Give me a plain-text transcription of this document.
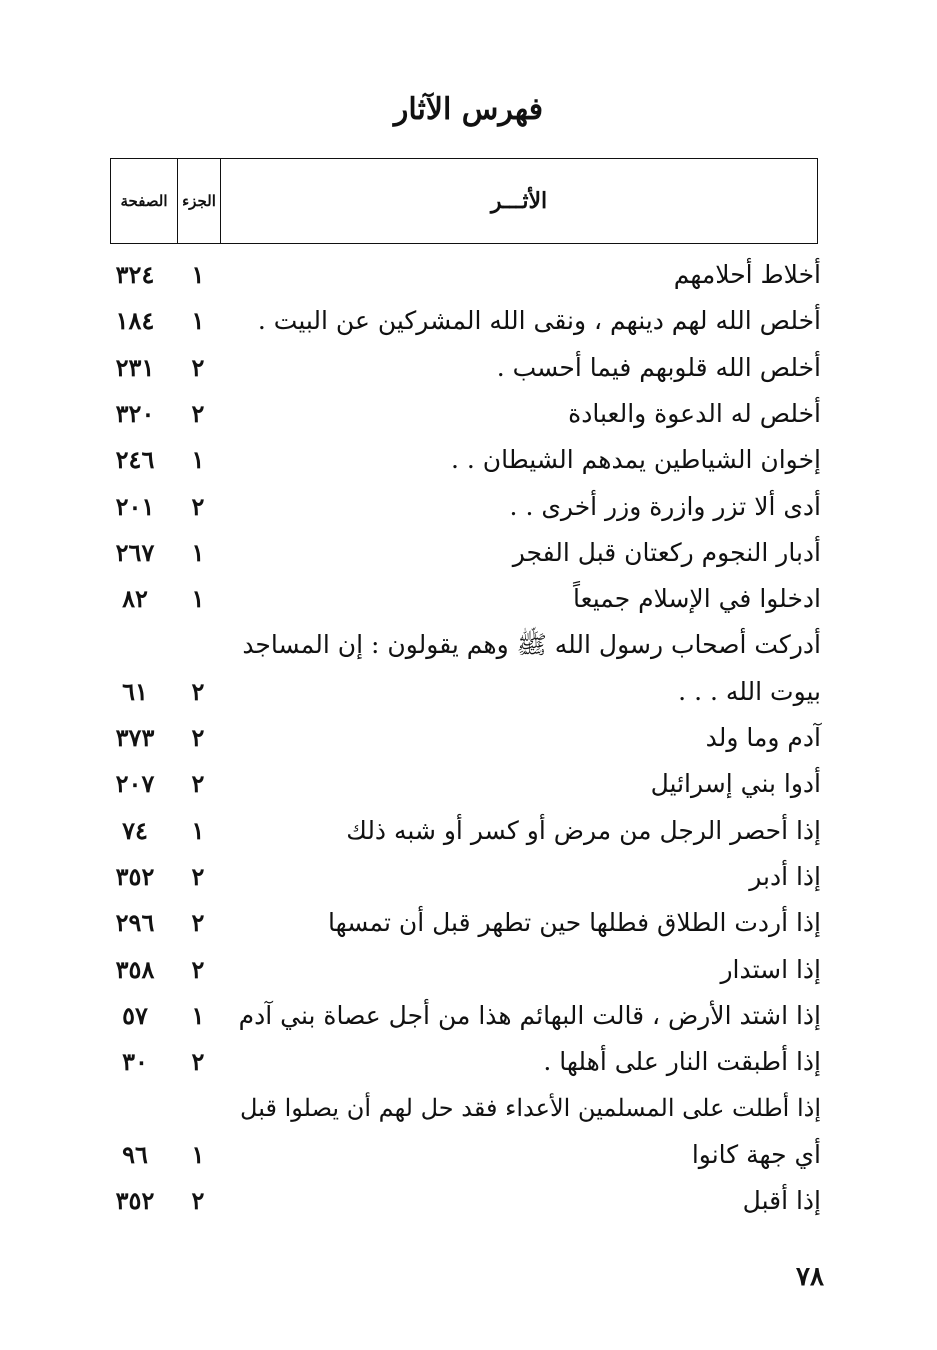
فهرس الآثار
الأثـــر
الجزء
الصفحة
أخلاط أحلامهم
١
٣٢٤
أخلص الله لهم دينهم ، ونقى الله المشركين عن البيت .
١
١٨٤
أخلص الله قلوبهم فيما أحسب .
٢
٢٣١
أخلص له الدعوة والعبادة
٢
٣٢٠
إخوان الشياطين يمدهم الشيطان . .
١
٢٤٦
أدى ألا تزر وازرة وزر أخرى . .
٢
٢٠١
أدبار النجوم ركعتان قبل الفجر
١
٢٦٧
ادخلوا في الإسلام جميعاً
١
٨٢
أدركت أصحاب رسول الله ﷺ وهم يقولون : إن المساجد
بيوت الله . . .
٢
٦١
آدم وما ولد
٢
٣٧٣
أدوا بني إسرائيل
٢
٢٠٧
إذا أحصر الرجل من مرض أو كسر أو شبه ذلك
١
٧٤
إذا أدبر
٢
٣٥٢
إذا أردت الطلاق فطلها حين تطهر قبل أن تمسها
٢
٢٩٦
إذا استدار
٢
٣٥٨
إذا اشتد الأرض ، قالت البهائم هذا من أجل عصاة بني آدم
١
٥٧
إذا أطبقت النار على أهلها .
٢
٣٠
إذا أطلت على المسلمين الأعداء فقد حل لهم أن يصلوا قبل
أي جهة كانوا
١
٩٦
إذا أقبل
٢
٣٥٢
٧٨
